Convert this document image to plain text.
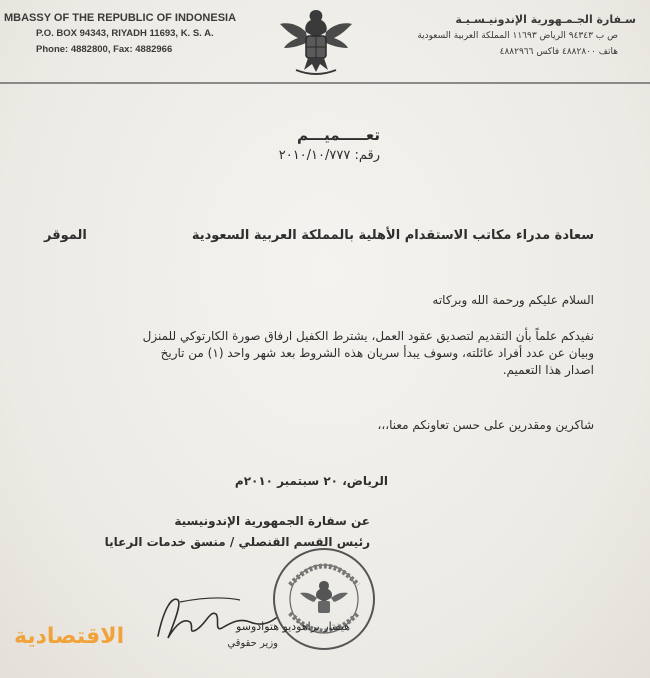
MBASSY OF THE REPUBLIC OF INDONESIA
P.O. BOX 94343, RIYADH 11693, K. S. A.
Phone: 4882800, Fax: 4882966
سـفارة الجـمـهورية الإندونيـسـيـة
ص ب ٩٤٣٤٣ الرياض ١١٦٩٣ المملكة العربية السعودية
هاتف ٤٨٨٢٨٠٠ فاكس ٤٨٨٢٩٦٦
تعـــــميـــم
رقم: ٢٠١٠/١٠/٧٧٧
سعادة مدراء مكاتب الاستقدام الأهلية بالمملكة العربية السعودية
الموقر
السلام عليكم ورحمة الله وبركاته
نفيدكم علماً بأن التقديم لتصديق عقود العمل، يشترط الكفيل ارفاق صورة الكارتوكي للمنزل
وبيان عن عدد أفراد عائلته، وسوف يبدأ سريان هذه الشروط بعد شهر واحد (١) من تاريخ
اصدار هذا التعميم.
شاكرين ومقدرين على حسن تعاونكم معنا،،،
الرياض، ٢٠ سبتمبر ٢٠١٠م
عن سفارة الجمهورية الإندونيسية
رئيس القسم القنصلي / منسق خدمات الرعايا
هيفتار براهوديو هتوادوسو
وزير حقوقي
الاقتصادية
